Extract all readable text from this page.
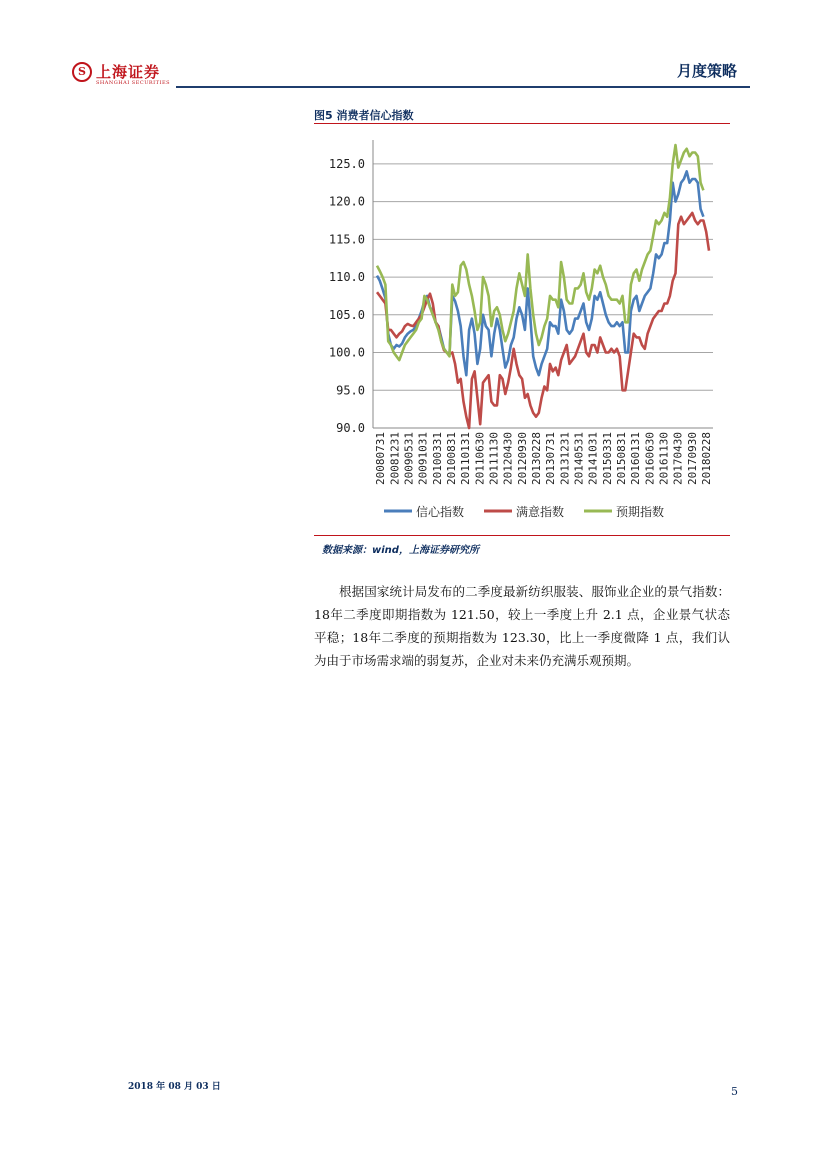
S 上海证券
SHANGHAI SECURITIES
月度策略
图5 消费者信心指数
90.0
95.0
100.0
105.0
110.0
115.0
120.0
125.0
20080731 20081231 20090531 20091031 20100331 20100831 20110131 20110630 20111130 20120430 20120930 20130228 20130731 20131231 20140531 20141031 20150331 20150831 20160131 20160630 20161130 20170430 20170930 20180228
信心指数	满意指数	预期指数
数据来源：wind，上海证券研究所

根据国家统计局发布的二季度最新纺织服装、服饰业企业的景气指数：18年二季度即期指数为 121.50，较上一季度上升 2.1 点，企业景气状态平稳；18年二季度的预期指数为 123.30，比上一季度微降 1 点，我们认为由于市场需求端的弱复苏，企业对未来仍充满乐观预期。

2018 年 08 月 03 日	5
